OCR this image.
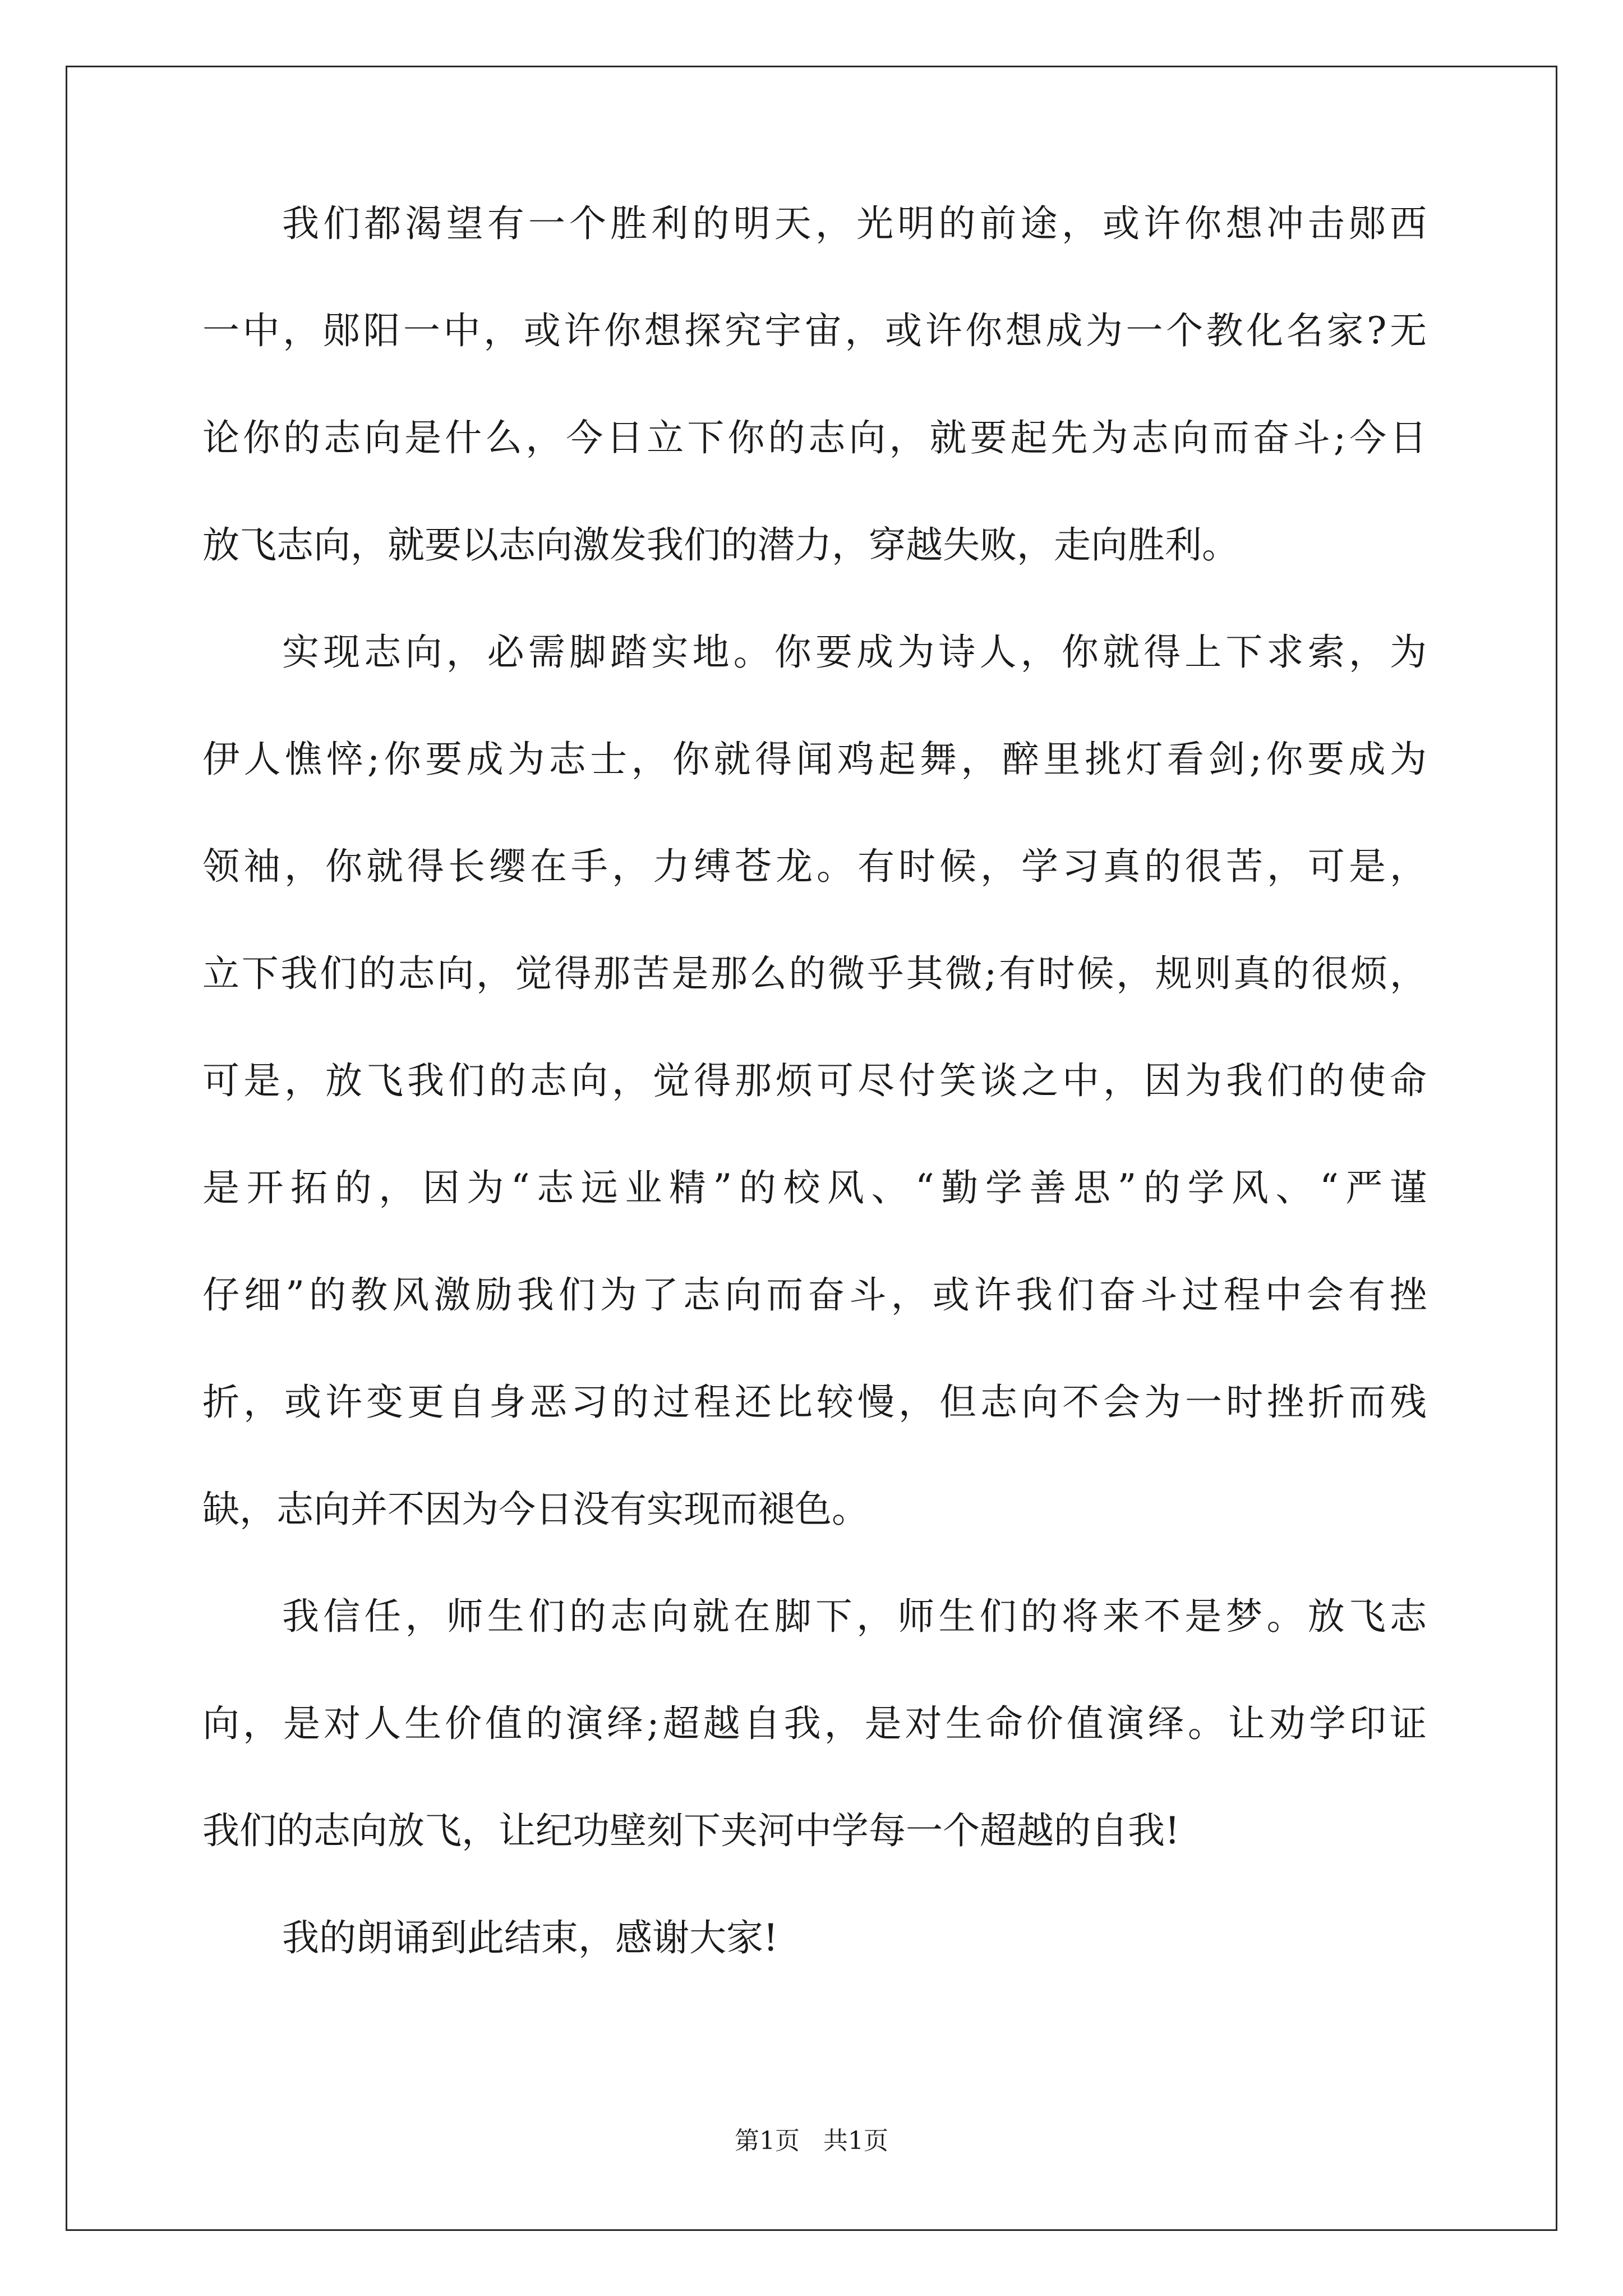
我们都渴望有一个胜利的明天，光明的前途，或许你想冲击郧西
一中，郧阳一中，或许你想探究宇宙，或许你想成为一个教化名家?无
论你的志向是什么，今日立下你的志向，就要起先为志向而奋斗;今日
放飞志向，就要以志向激发我们的潜力，穿越失败，走向胜利。
实现志向，必需脚踏实地。你要成为诗人，你就得上下求索，为
伊人憔悴;你要成为志士，你就得闻鸡起舞，醉里挑灯看剑;你要成为
领袖，你就得长缨在手，力缚苍龙。有时候，学习真的很苦，可是，
立下我们的志向，觉得那苦是那么的微乎其微;有时候，规则真的很烦，
可是，放飞我们的志向，觉得那烦可尽付笑谈之中，因为我们的使命
是开拓的，因为“志远业精”的校风、“勤学善思”的学风、“严谨
仔细”的教风激励我们为了志向而奋斗，或许我们奋斗过程中会有挫
折，或许变更自身恶习的过程还比较慢，但志向不会为一时挫折而残
缺，志向并不因为今日没有实现而褪色。
我信任，师生们的志向就在脚下，师生们的将来不是梦。放飞志
向，是对人生价值的演绎;超越自我，是对生命价值演绎。让劝学印证
我们的志向放飞，让纪功壁刻下夹河中学每一个超越的自我!
我的朗诵到此结束，感谢大家!
第1页   共1页
